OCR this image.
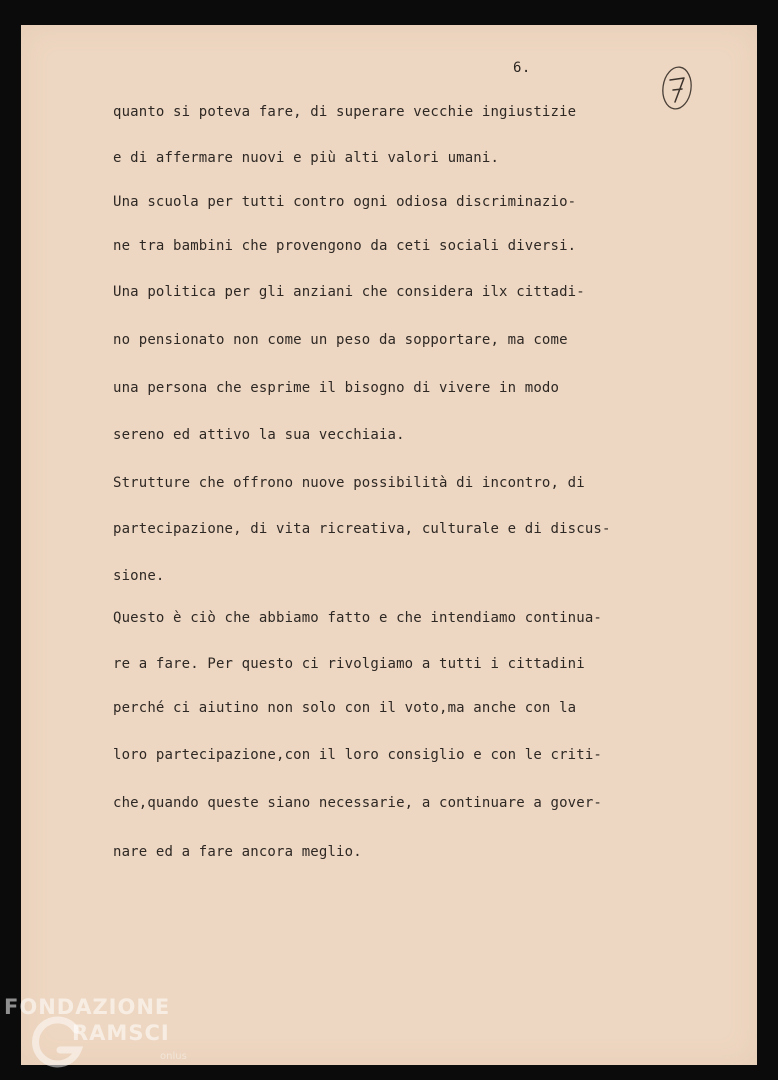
6.
quanto si poteva fare, di superare vecchie ingiustizie
e di affermare nuovi e più alti valori umani.
Una scuola per tutti contro ogni odiosa discriminazio-
ne tra bambini che provengono da ceti sociali diversi.
Una politica per gli anziani che considera ilx cittadi-
no pensionato non come un peso da sopportare, ma come
una persona che esprime il bisogno di vivere in modo
sereno ed attivo la sua vecchiaia.
Strutture che offrono nuove possibilità di incontro, di
partecipazione, di vita ricreativa, culturale e di discus-
sione.
Questo è ciò che abbiamo fatto e che intendiamo continua-
re a fare. Per questo ci rivolgiamo a tutti i cittadini
perché ci aiutino non solo con il voto,ma anche con la
loro partecipazione,con il loro consiglio e con le criti-
che,quando queste siano necessarie, a continuare a gover-
nare ed a fare ancora meglio.
FONDAZIONE
RAMSCI
onlus
